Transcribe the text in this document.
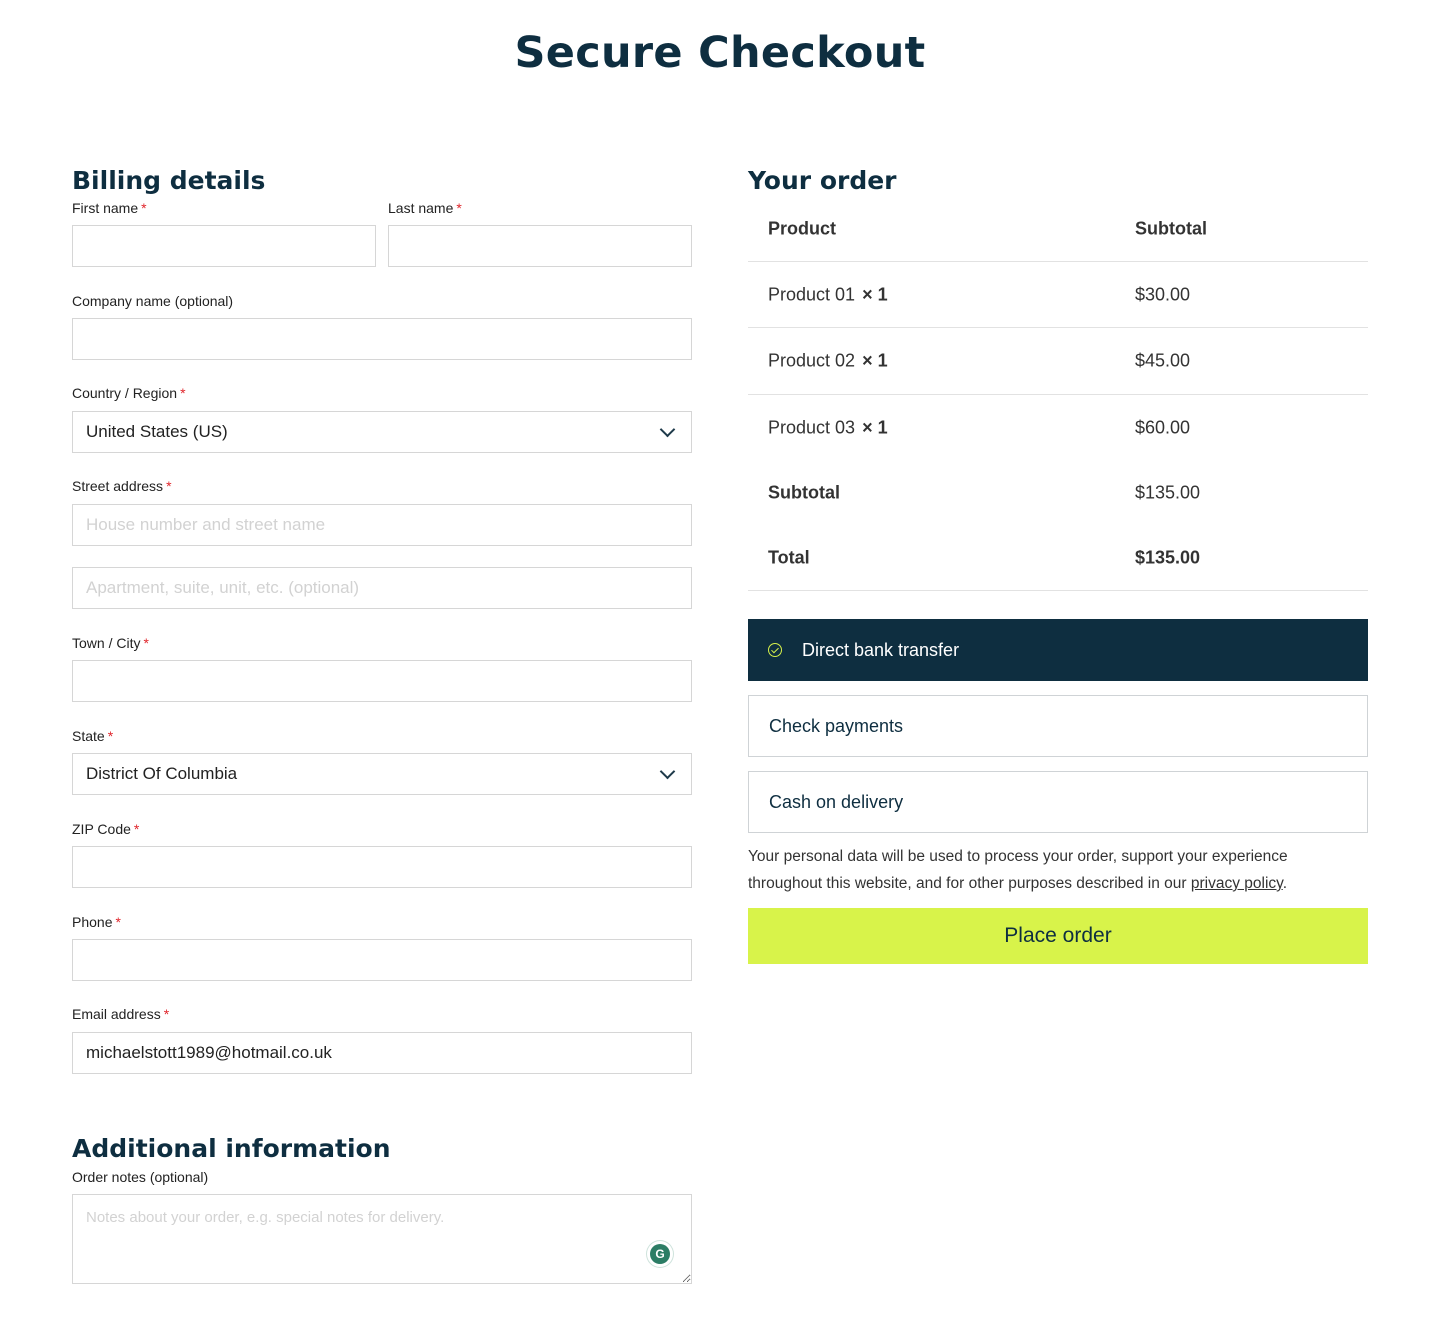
Secure Checkout
Billing details
First name *	Last name *
Company name (optional)
Country / Region *
United States (US)
Street address *
House number and street name
Apartment, suite, unit, etc. (optional)
Town / City *
State *
District Of Columbia
ZIP Code *
Phone *
Email address *
michaelstott1989@hotmail.co.uk
Additional information
Order notes (optional)
Notes about your order, e.g. special notes for delivery.
G
Your order
Product	Subtotal
Product 01 × 1	$30.00
Product 02 × 1	$45.00
Product 03 × 1	$60.00
Subtotal	$135.00
Total	$135.00
Direct bank transfer
Check payments
Cash on delivery
Your personal data will be used to process your order, support your experience throughout this website, and for other purposes described in our privacy policy.
Place order
